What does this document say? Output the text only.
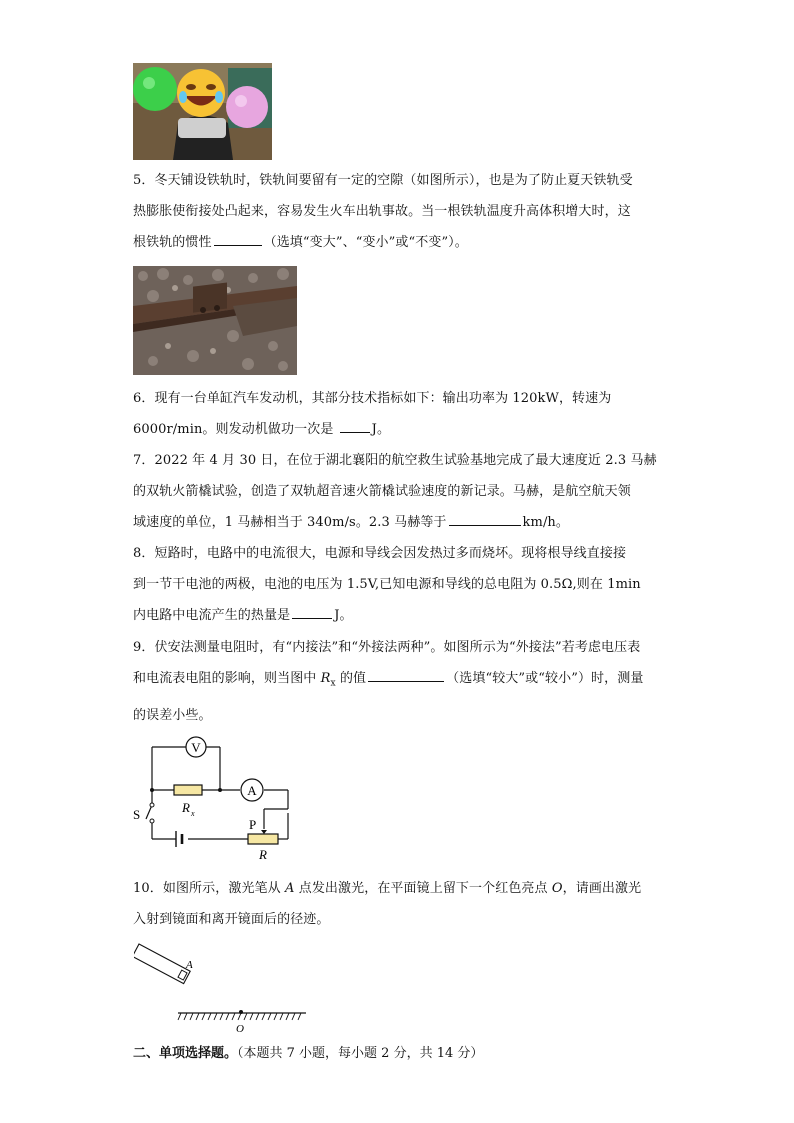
5．冬天铺设铁轨时，铁轨间要留有一定的空隙（如图所示），也是为了防止夏天铁轨受

热膨胀使衔接处凸起来，容易发生火车出轨事故。当一根铁轨温度升高体积增大时，这

根铁轨的惯性	（选填“变大”、“变小”或“不变”）。

6．现有一台单缸汽车发动机，其部分技术指标如下：输出功率为 120kW，转速为

6000r/min。则发动机做功一次是	J。

7．2022 年 4 月 30 日，在位于湖北襄阳的航空救生试验基地完成了最大速度近 2.3 马赫

的双轨火箭橇试验，创造了双轨超音速火箭橇试验速度的新记录。马赫，是航空航天领

域速度的单位，1 马赫相当于 340m/s。2.3 马赫等于	km/h。

8．短路时，电路中的电流很大，电源和导线会因发热过多而烧坏。现将根导线直接接

到一节干电池的两极，电池的电压为 1.5V,已知电源和导线的总电阻为 0.5Ω,则在 1min

内电路中电流产生的热量是	J。

9．伏安法测量电阻时，有“内接法”和“外接法两种”。如图所示为“外接法”若考虑电压表

和电流表电阻的影响，则当图中 $R_x$ 的值	（选填“较大”或“较小”）时，测量

的误差小些。

V
R x
A
S
P
R

10．如图所示，激光笔从 A 点发出激光，在平面镜上留下一个红色亮点 O，请画出激光

入射到镜面和离开镜面后的径迹。

A
O
二、单项选择题。（本题共 7 小题，每小题 2 分，共 14 分）
